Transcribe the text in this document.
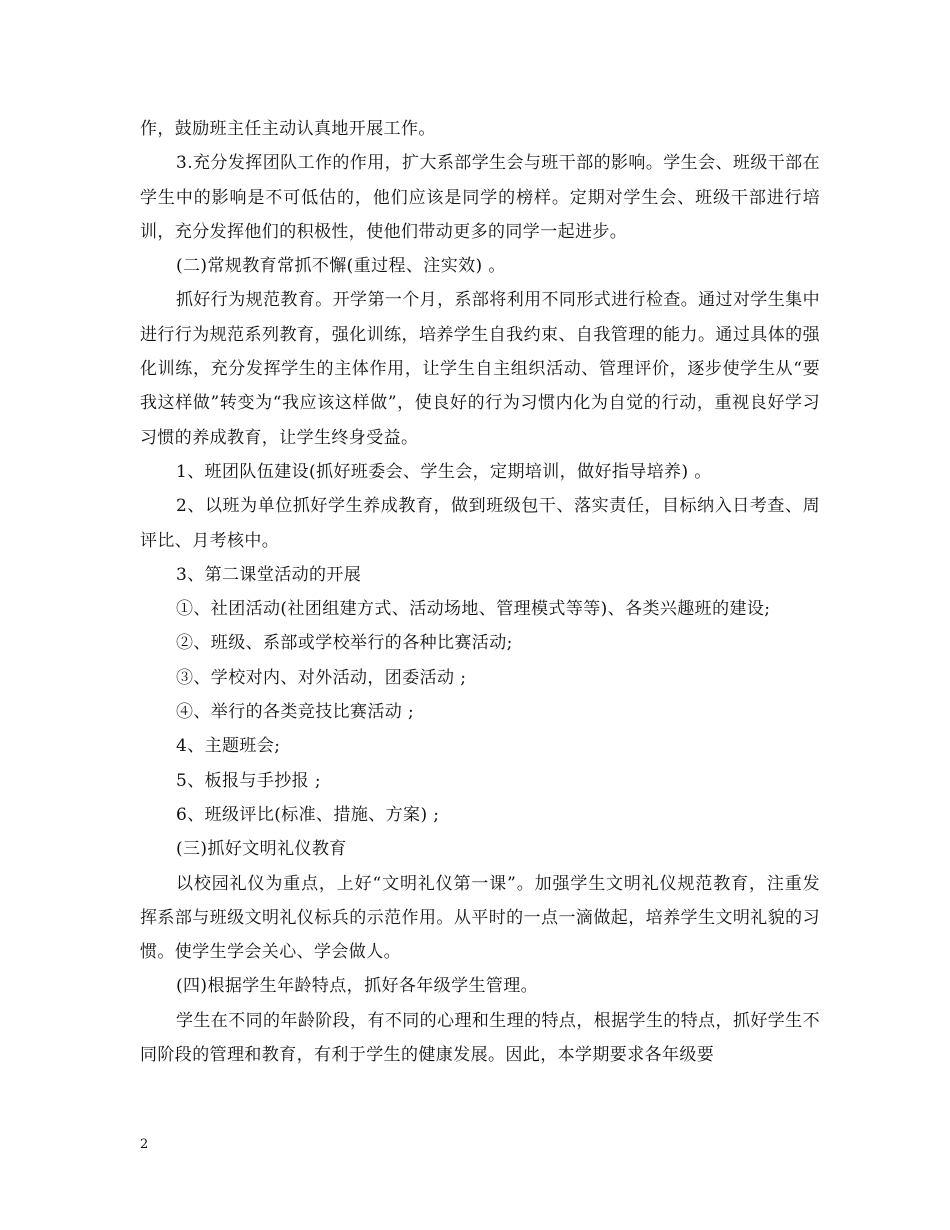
作，鼓励班主任主动认真地开展工作。

3.充分发挥团队工作的作用，扩大系部学生会与班干部的影响。学生会、班级干部在学生中的影响是不可低估的，他们应该是同学的榜样。定期对学生会、班级干部进行培训，充分发挥他们的积极性，使他们带动更多的同学一起进步。

(二)常规教育常抓不懈(重过程、注实效) 。

抓好行为规范教育。开学第一个月，系部将利用不同形式进行检查。通过对学生集中进行行为规范系列教育，强化训练，培养学生自我约束、自我管理的能力。通过具体的强化训练，充分发挥学生的主体作用，让学生自主组织活动、管理评价，逐步使学生从“要我这样做”转变为“我应该这样做”，使良好的行为习惯内化为自觉的行动，重视良好学习习惯的养成教育，让学生终身受益。

1、班团队伍建设(抓好班委会、学生会，定期培训，做好指导培养) 。

2、以班为单位抓好学生养成教育，做到班级包干、落实责任，目标纳入日考查、周评比、月考核中。

3、第二课堂活动的开展

①、社团活动(社团组建方式、活动场地、管理模式等等)、各类兴趣班的建设;

②、班级、系部或学校举行的各种比赛活动;

③、学校对内、对外活动，团委活动 ;

④、举行的各类竞技比赛活动 ;

4、主题班会;

5、板报与手抄报 ;

6、班级评比(标准、措施、方案) ;

(三)抓好文明礼仪教育

以校园礼仪为重点，上好“文明礼仪第一课”。加强学生文明礼仪规范教育，注重发挥系部与班级文明礼仪标兵的示范作用。从平时的一点一滴做起，培养学生文明礼貌的习惯。使学生学会关心、学会做人。

(四)根据学生年龄特点，抓好各年级学生管理。

学生在不同的年龄阶段，有不同的心理和生理的特点，根据学生的特点，抓好学生不同阶段的管理和教育，有利于学生的健康发展。因此，本学期要求各年级要

2
